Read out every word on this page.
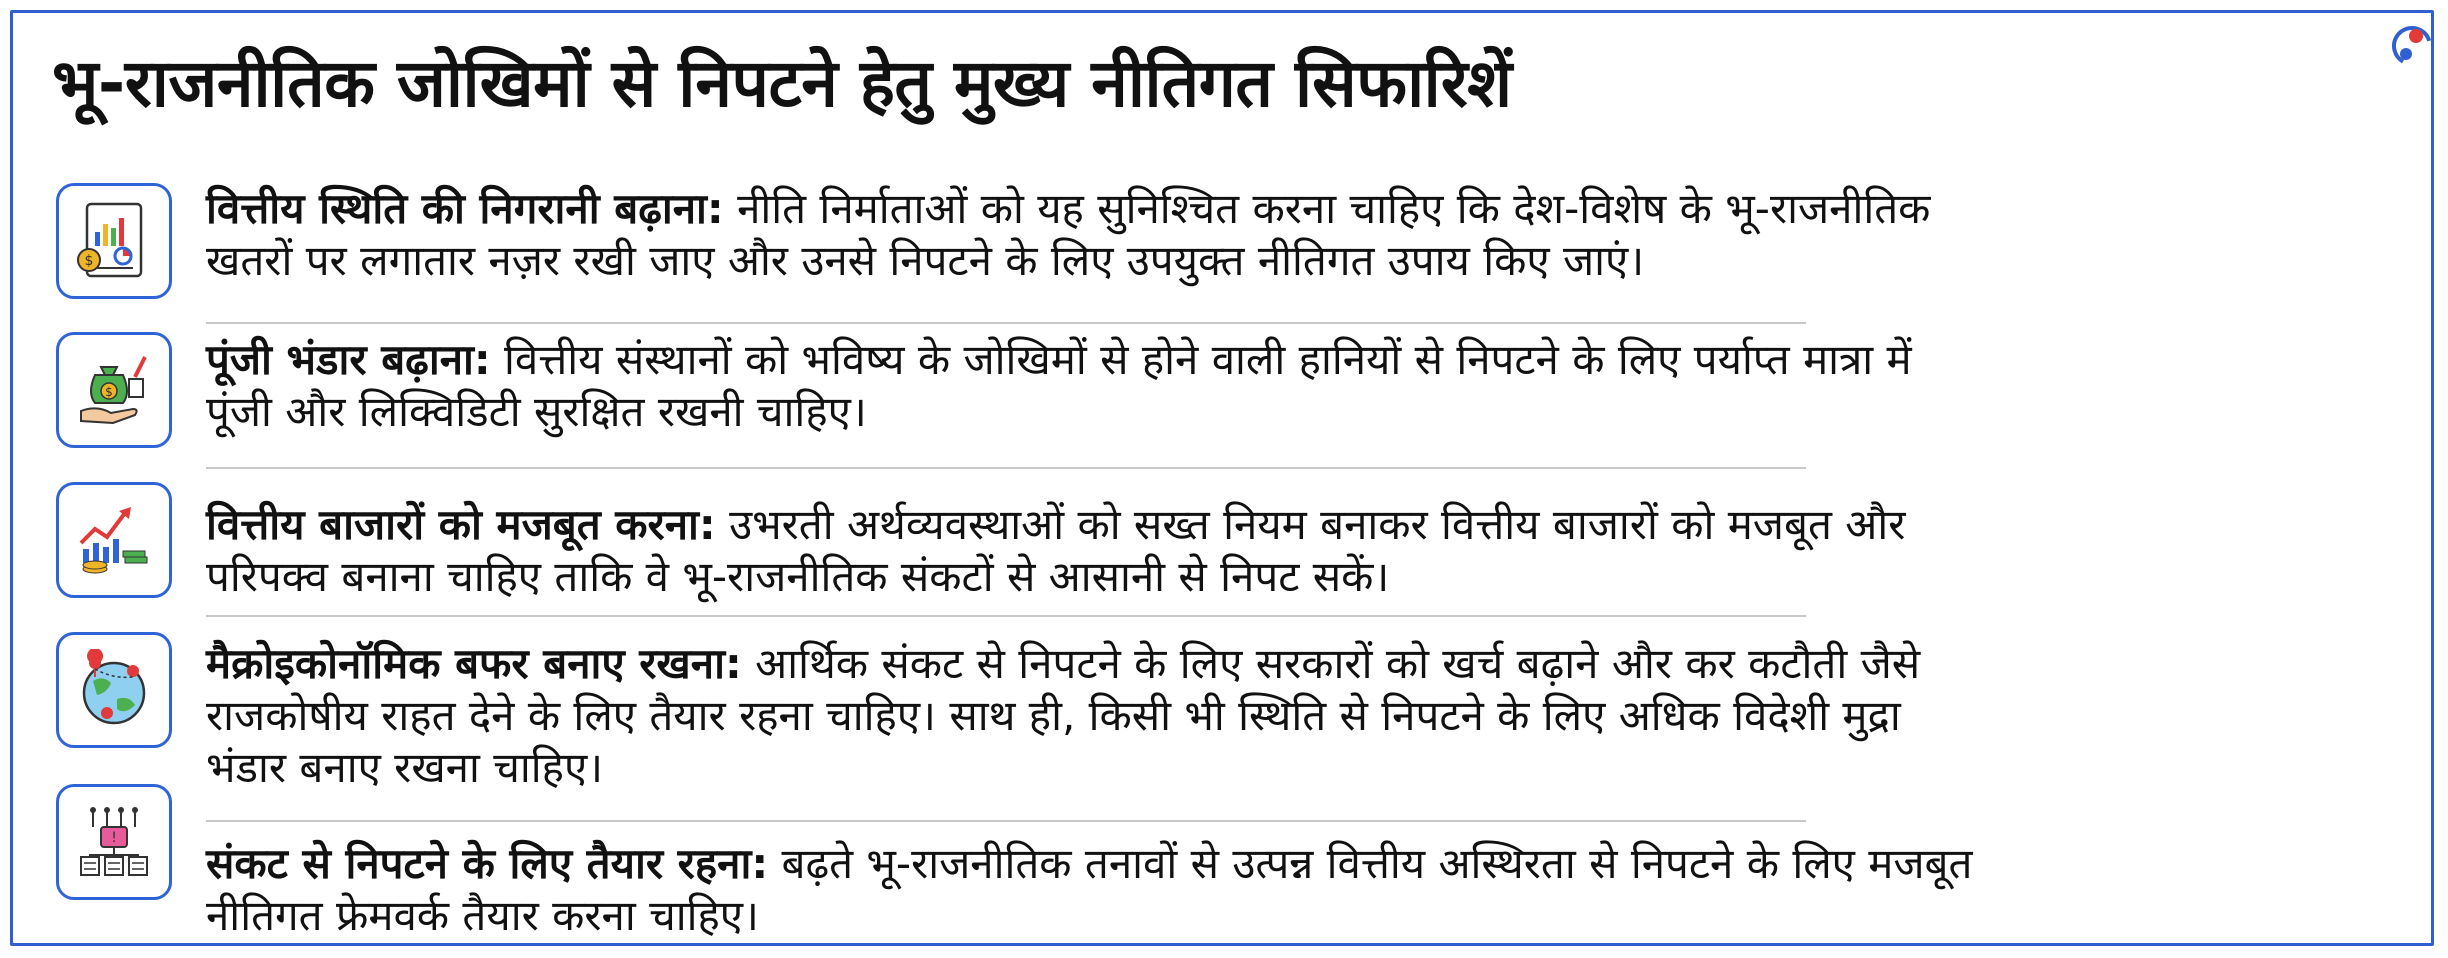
भू-राजनीतिक जोखिमों से निपटने हेतु मुख्य नीतिगत सिफारिशें
$

वित्तीय स्थिति की निगरानी बढ़ाना: नीति निर्माताओं को यह सुनिश्चित करना चाहिए कि देश-विशेष के भू-राजनीतिक
खतरों पर लगातार नज़र रखी जाए और उनसे निपटने के लिए उपयुक्त नीतिगत उपाय किए जाएं।

$

पूंजी भंडार बढ़ाना: वित्तीय संस्थानों को भविष्य के जोखिमों से होने वाली हानियों से निपटने के लिए पर्याप्त मात्रा में
पूंजी और लिक्विडिटी सुरक्षित रखनी चाहिए।

वित्तीय बाजारों को मजबूत करना: उभरती अर्थव्यवस्थाओं को सख्त नियम बनाकर वित्तीय बाजारों को मजबूत और
परिपक्व बनाना चाहिए ताकि वे भू-राजनीतिक संकटों से आसानी से निपट सकें।

मैक्रोइकोनॉमिक बफर बनाए रखना: आर्थिक संकट से निपटने के लिए सरकारों को खर्च बढ़ाने और कर कटौती जैसे
राजकोषीय राहत देने के लिए तैयार रहना चाहिए। साथ ही, किसी भी स्थिति से निपटने के लिए अधिक विदेशी मुद्रा
भंडार बनाए रखना चाहिए।

!

संकट से निपटने के लिए तैयार रहना: बढ़ते भू-राजनीतिक तनावों से उत्पन्न वित्तीय अस्थिरता से निपटने के लिए मजबूत
नीतिगत फ्रेमवर्क तैयार करना चाहिए।
